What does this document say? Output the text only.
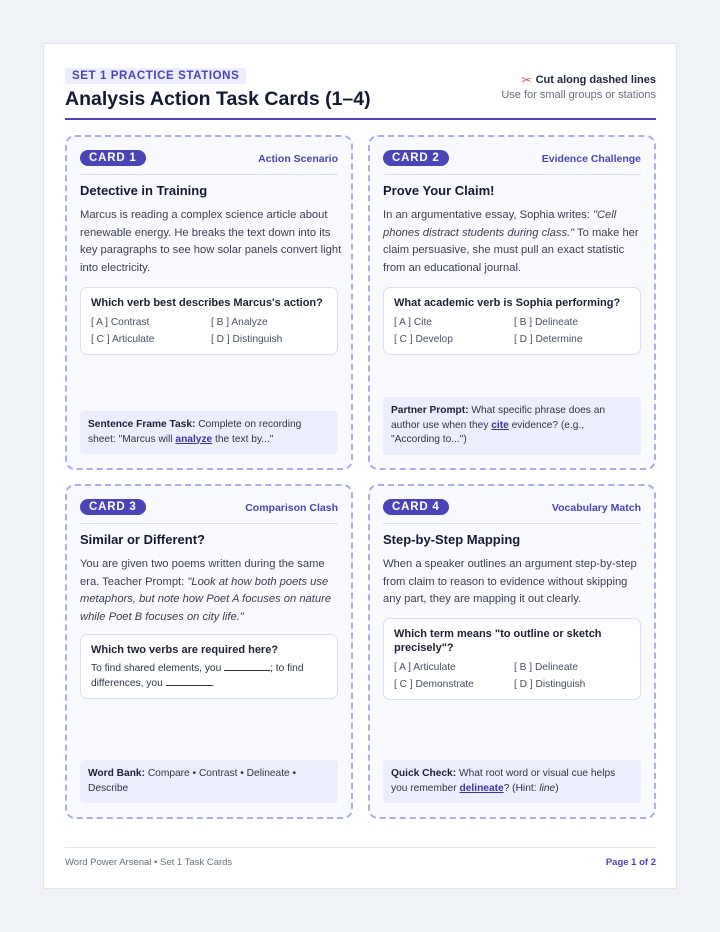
SET 1 PRACTICE STATIONS
Analysis Action Task Cards (1–4)
✂ Cut along dashed lines
Use for small groups or stations
CARD 1	Action Scenario
Detective in Training
Marcus is reading a complex science article about renewable energy. He breaks the text down into its key paragraphs to see how solar panels convert light into electricity.
Which verb best describes Marcus's action?
[ A ] Contrast	[ B ] Analyze
[ C ] Articulate	[ D ] Distinguish
Sentence Frame Task: Complete on recording sheet: "Marcus will analyze the text by..."
CARD 2	Evidence Challenge
Prove Your Claim!
In an argumentative essay, Sophia writes: "Cell phones distract students during class." To make her claim persuasive, she must pull an exact statistic from an educational journal.
What academic verb is Sophia performing?
[ A ] Cite	[ B ] Delineate
[ C ] Develop	[ D ] Determine
Partner Prompt: What specific phrase does an author use when they cite evidence? (e.g., "According to...")
CARD 3	Comparison Clash
Similar or Different?
You are given two poems written during the same era. Teacher Prompt: "Look at how both poets use metaphors, but note how Poet A focuses on nature while Poet B focuses on city life."
Which two verbs are required here?
To find shared elements, you	; to find differences, you	.
Word Bank: Compare • Contrast • Delineate • Describe
CARD 4	Vocabulary Match
Step-by-Step Mapping
When a speaker outlines an argument step-by-step from claim to reason to evidence without skipping any part, they are mapping it out clearly.
Which term means "to outline or sketch precisely"?
[ A ] Articulate	[ B ] Delineate
[ C ] Demonstrate	[ D ] Distinguish
Quick Check: What root word or visual cue helps you remember delineate? (Hint: line)
Word Power Arsenal • Set 1 Task Cards	Page 1 of 2
